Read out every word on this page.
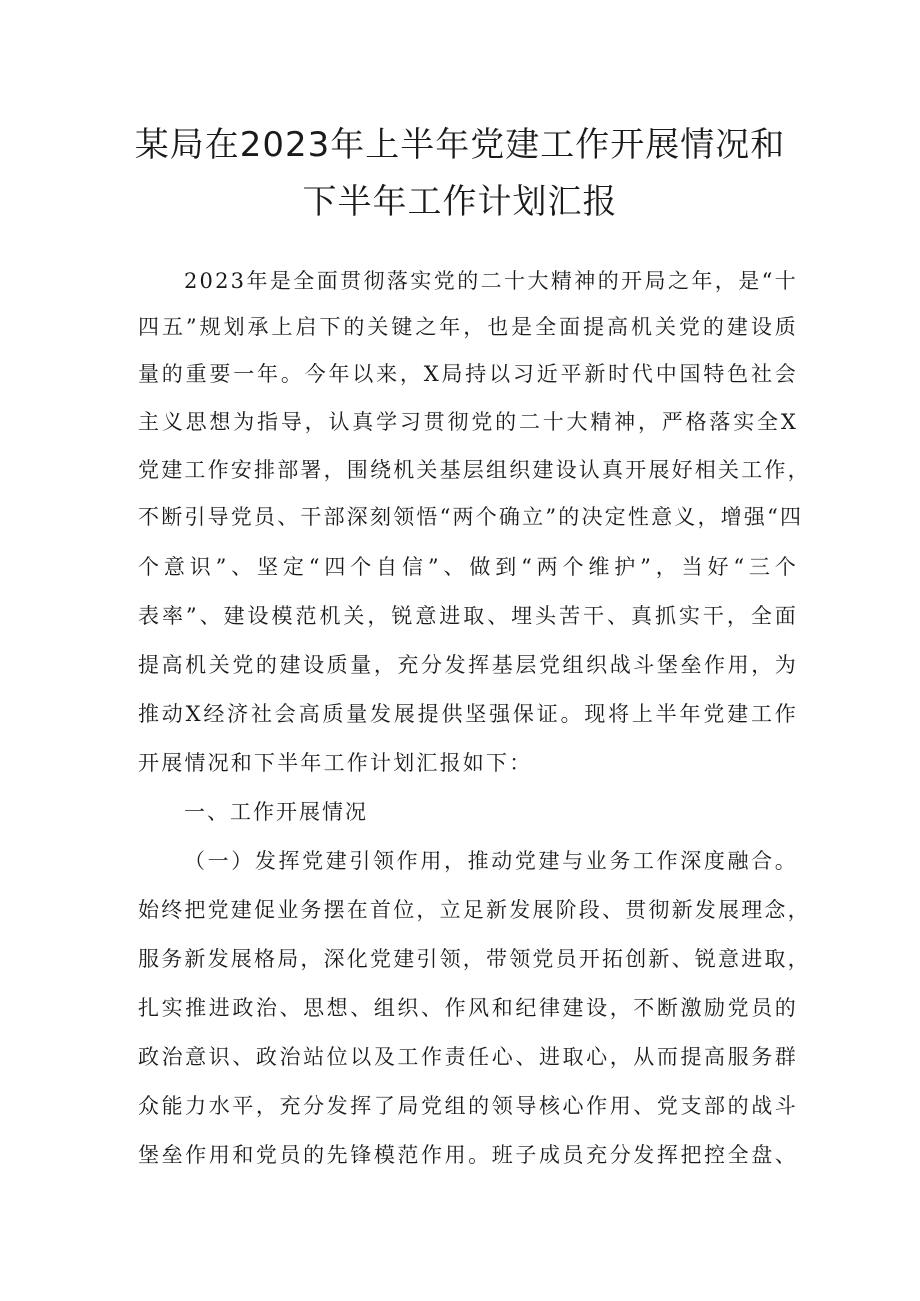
某局在2023年上半年党建工作开展情况和
下半年工作计划汇报
2023年是全面贯彻落实党的二十大精神的开局之年，是“十
四五”规划承上启下的关键之年，也是全面提高机关党的建设质
量的重要一年。今年以来，X局持以习近平新时代中国特色社会
主义思想为指导，认真学习贯彻党的二十大精神，严格落实全X
党建工作安排部署，围绕机关基层组织建设认真开展好相关工作，
不断引导党员、干部深刻领悟“两个确立”的决定性意义，增强“四
个意识”、坚定“四个自信”、做到“两个维护”，当好“三个
表率”、建设模范机关，锐意进取、埋头苦干、真抓实干，全面
提高机关党的建设质量，充分发挥基层党组织战斗堡垒作用，为
推动X经济社会高质量发展提供坚强保证。现将上半年党建工作
开展情况和下半年工作计划汇报如下：
一、工作开展情况
（一）发挥党建引领作用，推动党建与业务工作深度融合。
始终把党建促业务摆在首位，立足新发展阶段、贯彻新发展理念，
服务新发展格局，深化党建引领，带领党员开拓创新、锐意进取，
扎实推进政治、思想、组织、作风和纪律建设，不断激励党员的
政治意识、政治站位以及工作责任心、进取心，从而提高服务群
众能力水平，充分发挥了局党组的领导核心作用、党支部的战斗
堡垒作用和党员的先锋模范作用。班子成员充分发挥把控全盘、
